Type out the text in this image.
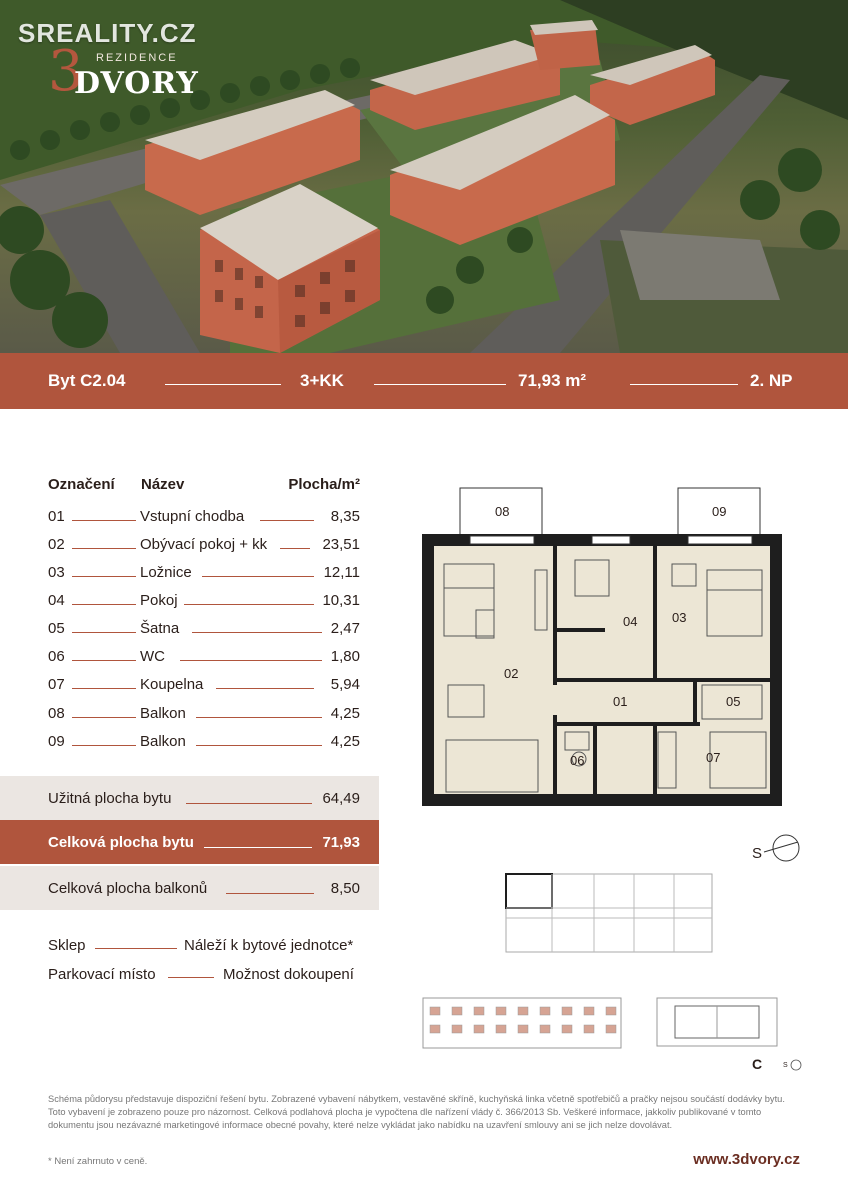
SREALITY.CZ
3 REZIDENCE
DVORY
Byt C2.04	3+KK	71,93 m²	2. NP
Označení Název	Plocha/m²
01	Vstupní chodba	8,35
02	Obývací pokoj + kk	23,51
03	Ložnice	12,11
04	Pokoj	10,31
05	Šatna	2,47
06	WC	1,80
07	Koupelna	5,94
08	Balkon	4,25
09	Balkon	4,25
Užitná plocha bytu	64,49
Celková plocha bytu	71,93
Celková plocha balkonů	8,50
Sklep	Náleží k bytové jednotce*
Parkovací místo	Možnost dokoupení
08	09
04	03
02
01	05
06	07
S
C	S
Schéma půdorysu představuje dispoziční řešení bytu. Zobrazené vybavení nábytkem, vestavěné skříně, kuchyňská linka včetně spotřebičů a pračky nejsou součástí dodávky bytu. Toto vybavení je zobrazeno pouze pro názornost. Celková podlahová plocha je vypočtena dle nařízení vlády č. 366/2013 Sb. Veškeré informace, jakkoliv publikované v tomto dokumentu jsou nezávazné marketingové informace obecné povahy, které nelze vykládat jako nabídku na uzavření smlouvy ani se jich nelze dovolávat.
* Není zahrnuto v ceně.	www.3dvory.cz
